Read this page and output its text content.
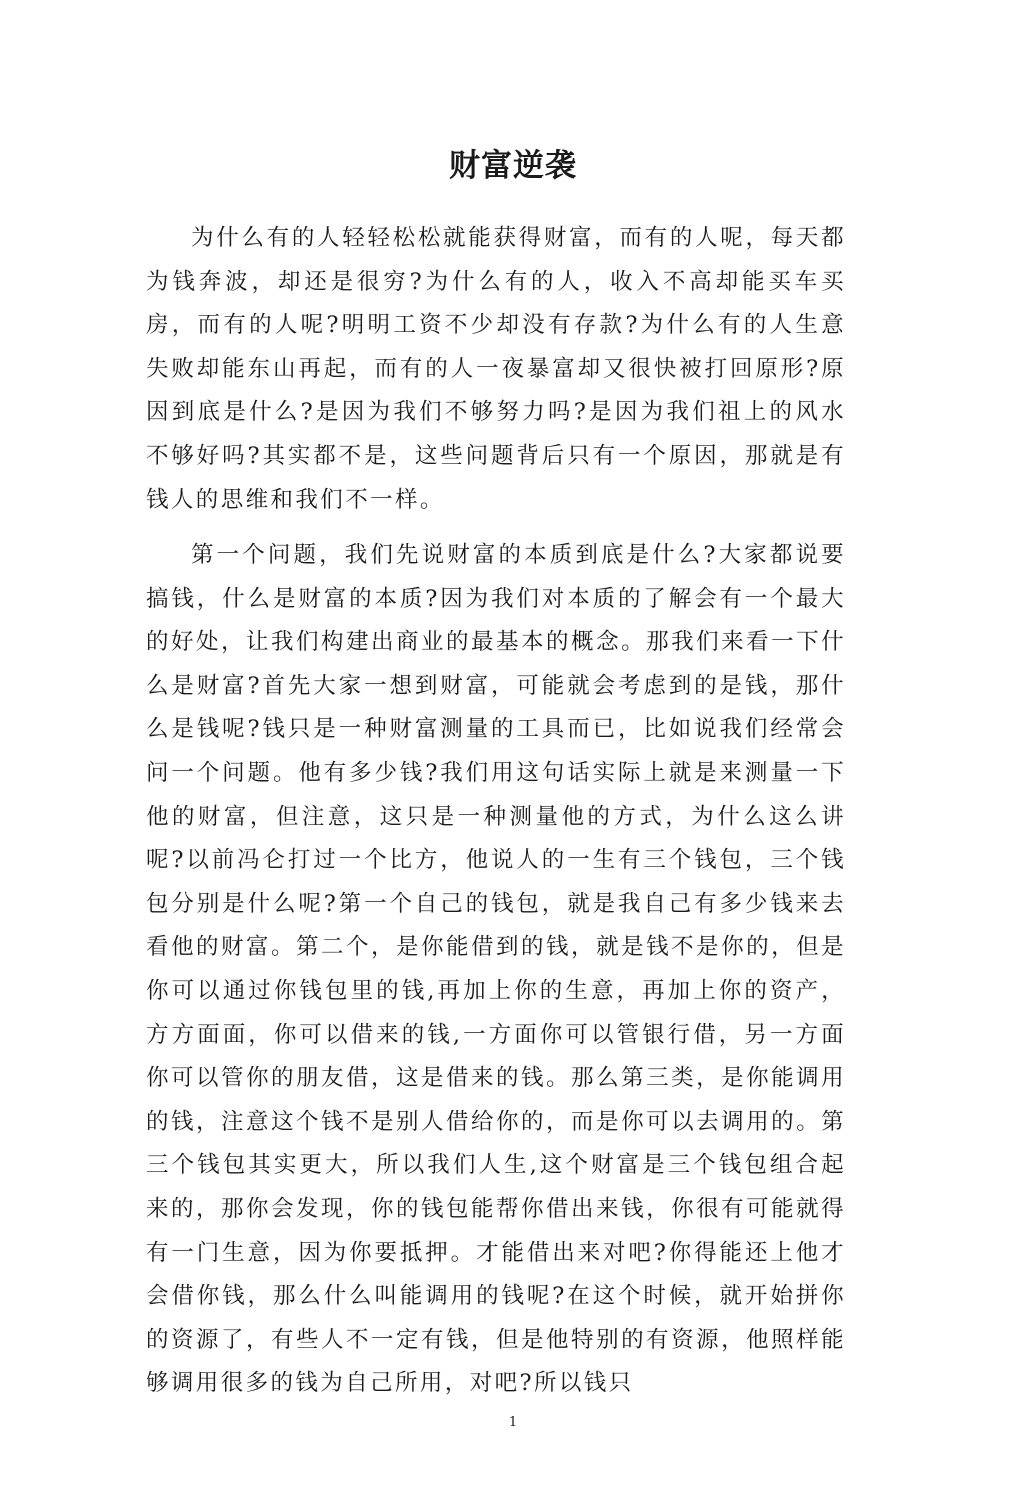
财富逆袭

为什么有的人轻轻松松就能获得财富，而有的人呢，每天都为钱奔波，却还是很穷?为什么有的人，收入不高却能买车买房，而有的人呢?明明工资不少却没有存款?为什么有的人生意失败却能东山再起，而有的人一夜暴富却又很快被打回原形?原因到底是什么?是因为我们不够努力吗?是因为我们祖上的风水不够好吗?其实都不是，这些问题背后只有一个原因，那就是有钱人的思维和我们不一样。

第一个问题，我们先说财富的本质到底是什么?大家都说要搞钱，什么是财富的本质?因为我们对本质的了解会有一个最大的好处，让我们构建出商业的最基本的概念。那我们来看一下什么是财富?首先大家一想到财富，可能就会考虑到的是钱，那什么是钱呢?钱只是一种财富测量的工具而已，比如说我们经常会问一个问题。他有多少钱?我们用这句话实际上就是来测量一下他的财富，但注意，这只是一种测量他的方式，为什么这么讲呢?以前冯仑打过一个比方，他说人的一生有三个钱包，三个钱包分别是什么呢?第一个自己的钱包，就是我自己有多少钱来去看他的财富。第二个，是你能借到的钱，就是钱不是你的，但是你可以通过你钱包里的钱,再加上你的生意，再加上你的资产，方方面面，你可以借来的钱,一方面你可以管银行借，另一方面你可以管你的朋友借，这是借来的钱。那么第三类，是你能调用的钱，注意这个钱不是别人借给你的，而是你可以去调用的。第三个钱包其实更大，所以我们人生,这个财富是三个钱包组合起来的，那你会发现，你的钱包能帮你借出来钱，你很有可能就得有一门生意，因为你要抵押。才能借出来对吧?你得能还上他才会借你钱，那么什么叫能调用的钱呢?在这个时候，就开始拼你的资源了，有些人不一定有钱，但是他特别的有资源，他照样能够调用很多的钱为自己所用，对吧?所以钱只

1
